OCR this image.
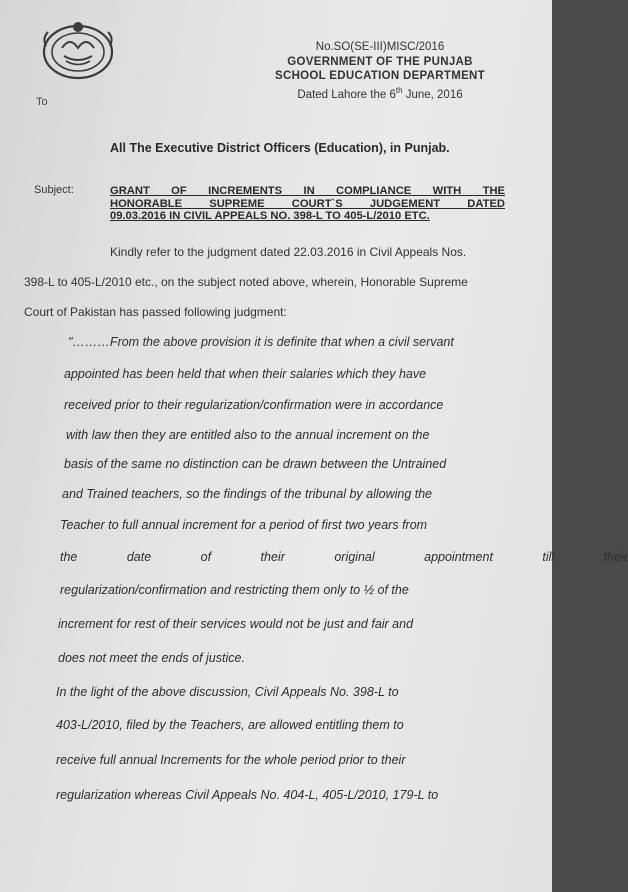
No.SO(SE-III)MISC/2016
GOVERNMENT OF THE PUNJAB
SCHOOL EDUCATION DEPARTMENT
Dated Lahore the 6th June, 2016
To
All The Executive District Officers (Education), in Punjab.
Subject:	GRANT OF INCREMENTS IN COMPLIANCE WITH THE
HONORABLE SUPREME COURT`S JUDGEMENT DATED
09.03.2016 IN CIVIL APPEALS NO. 398-L TO 405-L/2010 ETC.
Kindly refer to the judgment dated 22.03.2016 in Civil Appeals Nos.
398-L to 405-L/2010 etc., on the subject noted above, wherein, Honorable Supreme
Court of Pakistan has passed following judgment:
"………From the above provision it is definite that when a civil servant
appointed has been held that when their salaries which they have
received prior to their regularization/confirmation were in accordance
with law then they are entitled also to the annual increment on the
basis of the same no distinction can be drawn between the Untrained
and Trained teachers, so the findings of the tribunal by allowing the
Teacher to full annual increment for a period of first two years from
the date of their original appointment till their
regularization/confirmation and restricting them only to ½ of the
increment for rest of their services would not be just and fair and
does not meet the ends of justice.
In the light of the above discussion, Civil Appeals No. 398-L to
403-L/2010, filed by the Teachers, are allowed entitling them to
receive full annual Increments for the whole period prior to their
regularization whereas Civil Appeals No. 404-L, 405-L/2010, 179-L to
